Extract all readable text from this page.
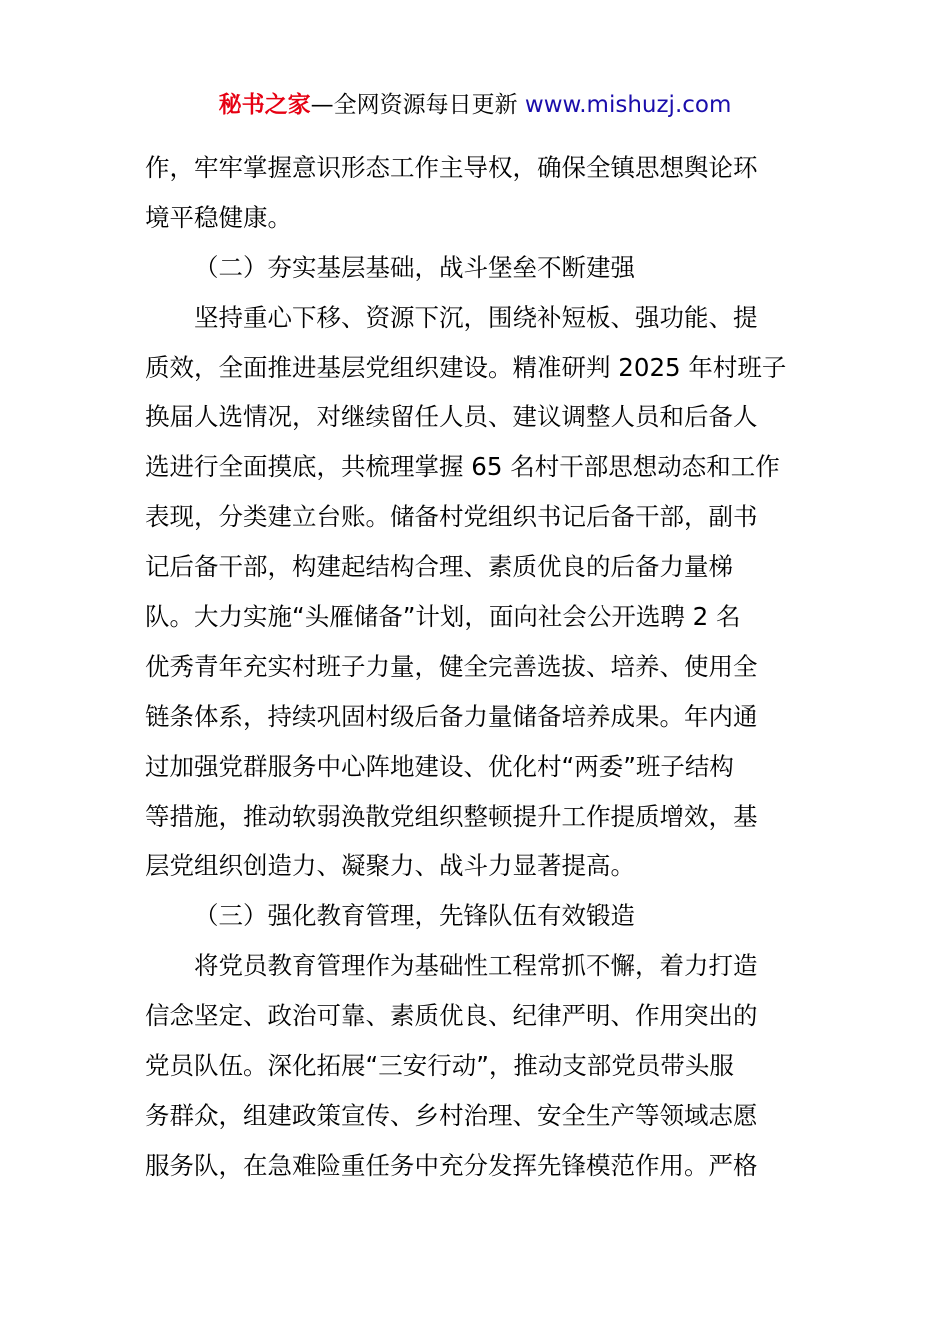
秘书之家—全网资源每日更新 www.mishuzj.com
作，牢牢掌握意识形态工作主导权，确保全镇思想舆论环
境平稳健康。
（二）夯实基层基础，战斗堡垒不断建强
坚持重心下移、资源下沉，围绕补短板、强功能、提
质效，全面推进基层党组织建设。精准研判 2025 年村班子
换届人选情况，对继续留任人员、建议调整人员和后备人
选进行全面摸底，共梳理掌握 65 名村干部思想动态和工作
表现，分类建立台账。储备村党组织书记后备干部，副书
记后备干部，构建起结构合理、素质优良的后备力量梯
队。大力实施“头雁储备”计划，面向社会公开选聘 2 名
优秀青年充实村班子力量，健全完善选拔、培养、使用全
链条体系，持续巩固村级后备力量储备培养成果。年内通
过加强党群服务中心阵地建设、优化村“两委”班子结构
等措施，推动软弱涣散党组织整顿提升工作提质增效，基
层党组织创造力、凝聚力、战斗力显著提高。
（三）强化教育管理，先锋队伍有效锻造
将党员教育管理作为基础性工程常抓不懈，着力打造
信念坚定、政治可靠、素质优良、纪律严明、作用突出的
党员队伍。深化拓展“三安行动”，推动支部党员带头服
务群众，组建政策宣传、乡村治理、安全生产等领域志愿
服务队，在急难险重任务中充分发挥先锋模范作用。严格
